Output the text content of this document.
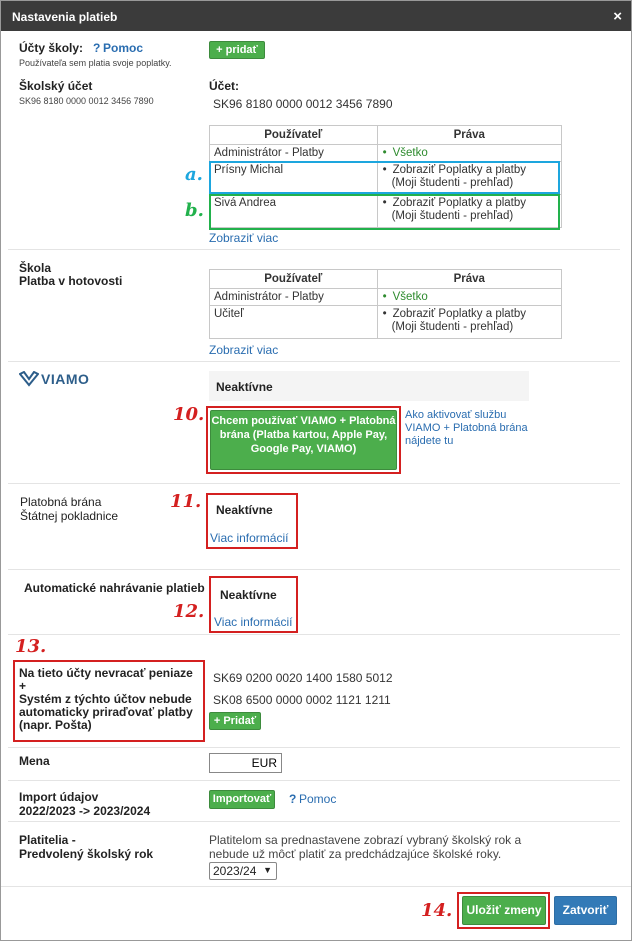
Nastavenia platieb	×
Účty školy: ? Pomoc
Používateľa sem platia svoje poplatky.
+ pridať
Školský účet
SK96 8180 0000 0012 3456 7890
Účet:
SK96 8180 0000 0012 3456 7890
Používateľ	Práva
Administrátor - Platby	• Všetko
Prísny Michal	• Zobraziť Poplatky a platby
(Moji študenti - prehľad)
Sivá Andrea	• Zobraziť Poplatky a platby
(Moji študenti - prehľad)
a.
b.
Zobraziť viac
Škola
Platba v hotovosti	Používateľ	Práva
Administrátor - Platby	• Všetko
Učiteľ	• Zobraziť Poplatky a platby
(Moji študenti - prehľad)
Zobraziť viac
VIAMO	Neaktívne
Chcem používať VIAMO + Platobná brána (Platba kartou, Apple Pay, Google Pay, VIAMO)
10.	Ako aktivovať službu VIAMO + Platobná brána nájdete tu
Platobná brána
Štátnej pokladnice	Neaktívne
Viac informácií
11.
Automatické nahrávanie platieb Neaktívne
Viac informácií
12.
13.
Na tieto účty nevracať peniaze
+
Systém z týchto účtov nebude
automaticky priraďovať platby
(napr. Pošta)
SK69 0200 0020 1400 1580 5012
SK08 6500 0000 0002 1121 1211
+ Pridať
Mena
EUR
Import údajov
2022/2023 -> 2023/2024
Importovať	? Pomoc
Platitelia -
Predvolený školský rok
Platitelom sa prednastavene zobrazí vybraný školský rok a
nebude už môcť platiť za predchádzajúce školské roky.
2023/24 ▼
14.	Uložiť zmeny	Zatvoriť
